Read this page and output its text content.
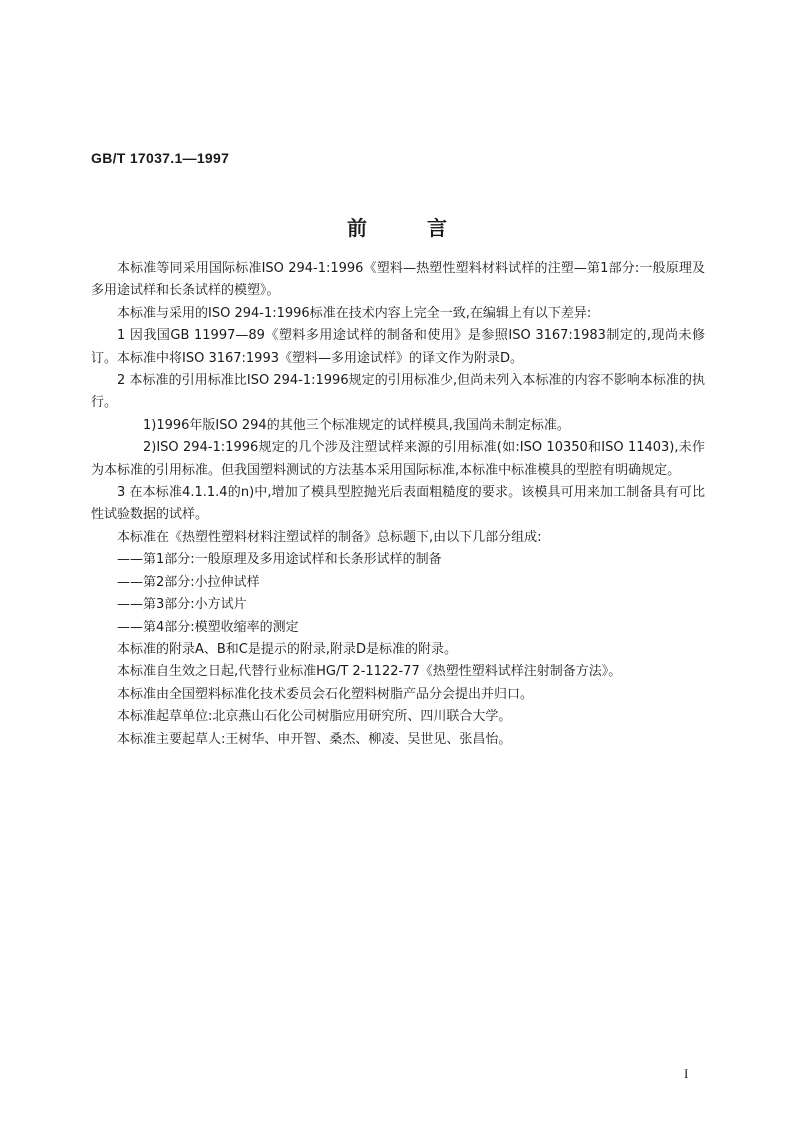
GB/T 17037.1—1997
前言

本标准等同采用国际标准ISO 294-1:1996《塑料—热塑性塑料材料试样的注塑—第1部分:一般原理及多用途试样和长条试样的模塑》。

本标准与采用的ISO 294-1:1996标准在技术内容上完全一致,在编辑上有以下差异:

1 因我国GB 11997—89《塑料多用途试样的制备和使用》是参照ISO 3167:1983制定的,现尚未修订。本标准中将ISO 3167:1993《塑料—多用途试样》的译文作为附录D。

2 本标准的引用标准比ISO 294-1:1996规定的引用标准少,但尚未列入本标准的内容不影响本标准的执行。

1)1996年版ISO 294的其他三个标准规定的试样模具,我国尚未制定标准。

2)ISO 294-1:1996规定的几个涉及注塑试样来源的引用标准(如:ISO 10350和ISO 11403),未作为本标准的引用标准。但我国塑料测试的方法基本采用国际标准,本标准中标准模具的型腔有明确规定。

3 在本标准4.1.1.4的n)中,增加了模具型腔抛光后表面粗糙度的要求。该模具可用来加工制备具有可比性试验数据的试样。

本标准在《热塑性塑料材料注塑试样的制备》总标题下,由以下几部分组成:

——第1部分:一般原理及多用途试样和长条形试样的制备

——第2部分:小拉伸试样

——第3部分:小方试片

——第4部分:模塑收缩率的测定

本标准的附录A、B和C是提示的附录,附录D是标准的附录。

本标准自生效之日起,代替行业标准HG/T 2-1122-77《热塑性塑料试样注射制备方法》。

本标准由全国塑料标准化技术委员会石化塑料树脂产品分会提出并归口。

本标准起草单位:北京燕山石化公司树脂应用研究所、四川联合大学。

本标准主要起草人:王树华、申开智、桑杰、柳凌、吴世见、张昌怡。

I
